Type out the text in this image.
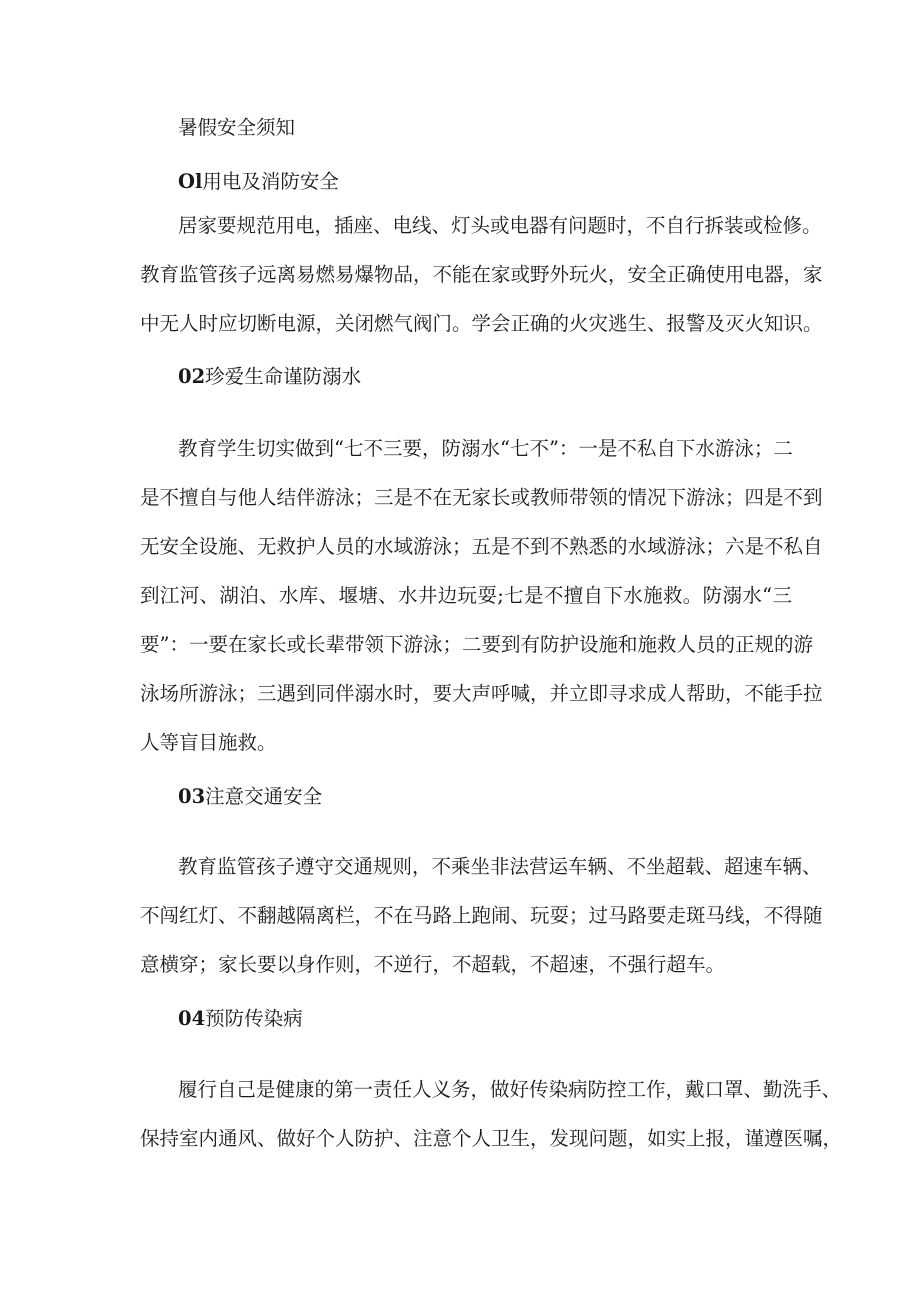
暑假安全须知
Ol用电及消防安全
居家要规范用电，插座、电线、灯头或电器有问题时，不自行拆装或检修。
教育监管孩子远离易燃易爆物品，不能在家或野外玩火，安全正确使用电器，家
中无人时应切断电源，关闭燃气阀门。学会正确的火灾逃生、报警及灭火知识。
02珍爱生命谨防溺水
教育学生切实做到“七不三要，防溺水“七不”：一是不私自下水游泳；二
是不擅自与他人结伴游泳；三是不在无家长或教师带领的情况下游泳；四是不到
无安全设施、无救护人员的水域游泳；五是不到不熟悉的水域游泳；六是不私自
到江河、湖泊、水库、堰塘、水井边玩耍;七是不擅自下水施救。防溺水“三
要”：一要在家长或长辈带领下游泳；二要到有防护设施和施救人员的正规的游
泳场所游泳；三遇到同伴溺水时，要大声呼喊，并立即寻求成人帮助，不能手拉
人等盲目施救。
03注意交通安全
教育监管孩子遵守交通规则，不乘坐非法营运车辆、不坐超载、超速车辆、
不闯红灯、不翻越隔离栏，不在马路上跑闹、玩耍；过马路要走斑马线，不得随
意横穿；家长要以身作则，不逆行，不超载，不超速，不强行超车。
04预防传染病
履行自己是健康的第一责任人义务，做好传染病防控工作，戴口罩、勤洗手、
保持室内通风、做好个人防护、注意个人卫生，发现问题，如实上报，谨遵医嘱，
